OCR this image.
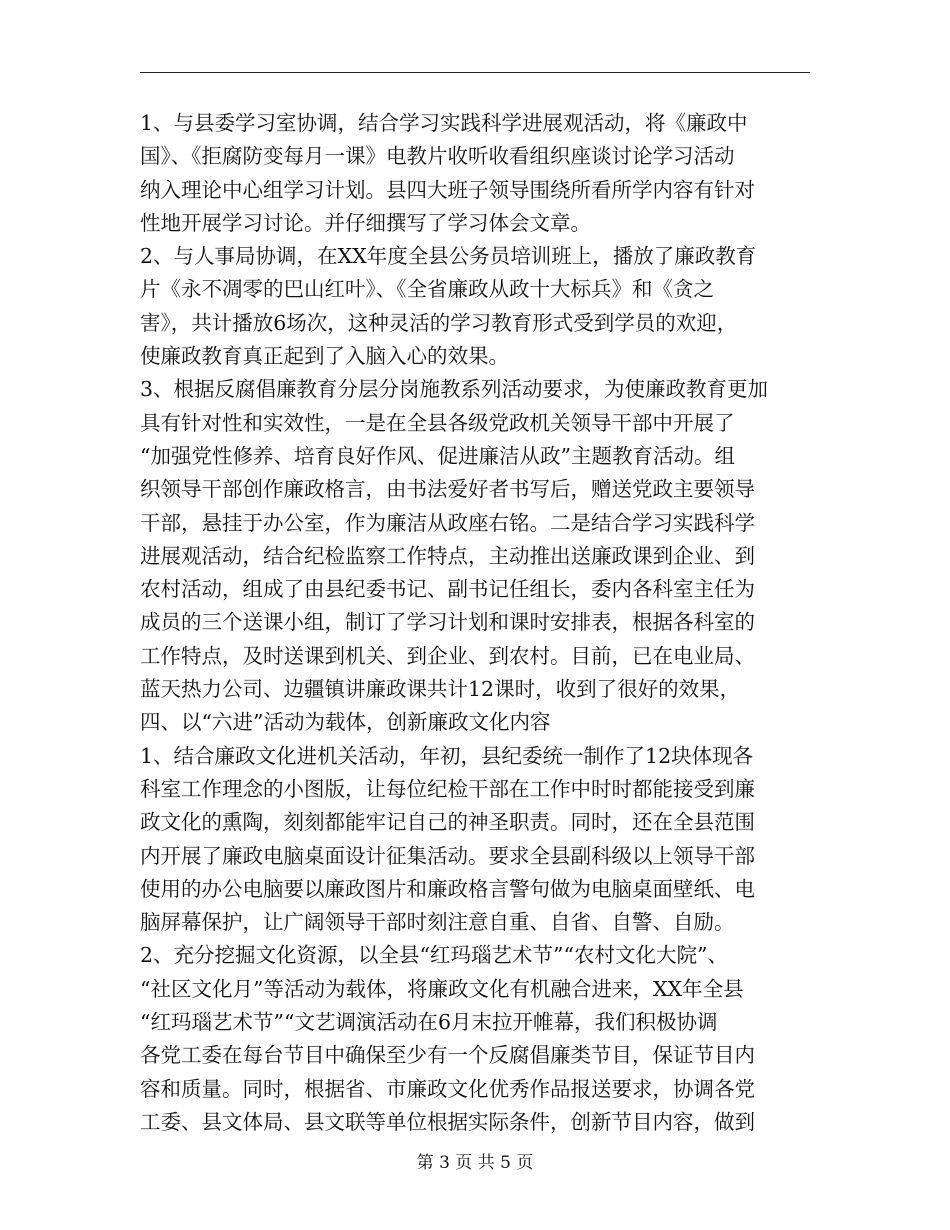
1、与县委学习室协调，结合学习实践科学进展观活动，将《廉政中
国》、《拒腐防变每月一课》电教片收听收看组织座谈讨论学习活动
纳入理论中心组学习计划。县四大班子领导围绕所看所学内容有针对
性地开展学习讨论。并仔细撰写了学习体会文章。
2、与人事局协调，在XX年度全县公务员培训班上，播放了廉政教育
片《永不凋零的巴山红叶》、《全省廉政从政十大标兵》和《贪之
害》，共计播放6场次，这种灵活的学习教育形式受到学员的欢迎，
使廉政教育真正起到了入脑入心的效果。
3、根据反腐倡廉教育分层分岗施教系列活动要求，为使廉政教育更加
具有针对性和实效性，一是在全县各级党政机关领导干部中开展了
“加强党性修养、培育良好作风、促进廉洁从政”主题教育活动。组
织领导干部创作廉政格言，由书法爱好者书写后，赠送党政主要领导
干部，悬挂于办公室，作为廉洁从政座右铭。二是结合学习实践科学
进展观活动，结合纪检监察工作特点，主动推出送廉政课到企业、到
农村活动，组成了由县纪委书记、副书记任组长，委内各科室主任为
成员的三个送课小组，制订了学习计划和课时安排表，根据各科室的
工作特点，及时送课到机关、到企业、到农村。目前，已在电业局、
蓝天热力公司、边疆镇讲廉政课共计12课时，收到了很好的效果，
四、以“六进”活动为载体，创新廉政文化内容
1、结合廉政文化进机关活动，年初，县纪委统一制作了12块体现各
科室工作理念的小图版，让每位纪检干部在工作中时时都能接受到廉
政文化的熏陶，刻刻都能牢记自己的神圣职责。同时，还在全县范围
内开展了廉政电脑桌面设计征集活动。要求全县副科级以上领导干部
使用的办公电脑要以廉政图片和廉政格言警句做为电脑桌面壁纸、电
脑屏幕保护，让广阔领导干部时刻注意自重、自省、自警、自励。
2、充分挖掘文化资源，以全县“红玛瑙艺术节”“农村文化大院”、
“社区文化月”等活动为载体，将廉政文化有机融合进来，XX年全县
“红玛瑙艺术节”“文艺调演活动在6月末拉开帷幕，我们积极协调
各党工委在每台节目中确保至少有一个反腐倡廉类节目，保证节目内
容和质量。同时，根据省、市廉政文化优秀作品报送要求，协调各党
工委、县文体局、县文联等单位根据实际条件，创新节目内容，做到
第 3 页 共 5 页
